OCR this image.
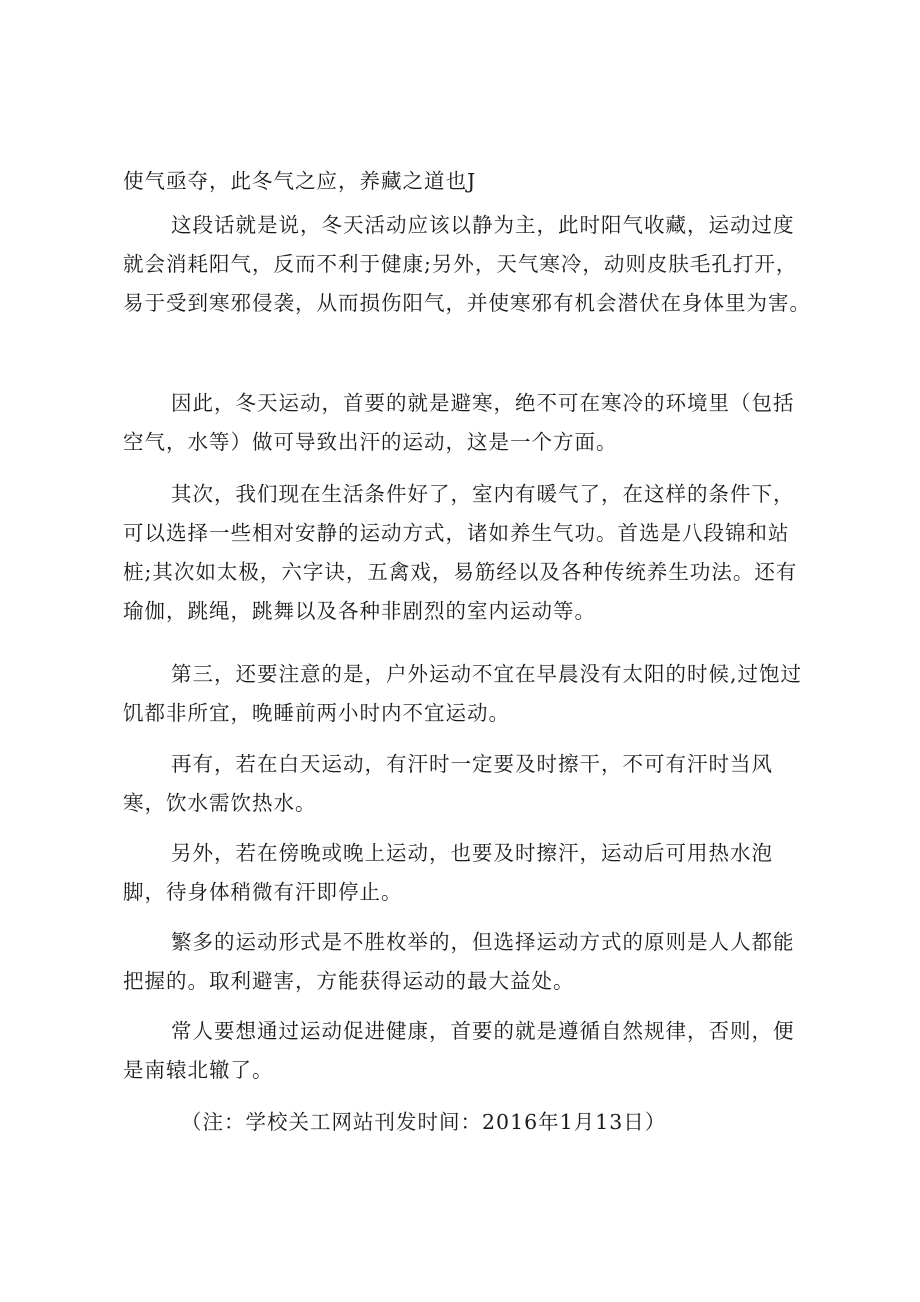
使气亟夺，此冬气之应，养藏之道也J

这段话就是说，冬天活动应该以静为主，此时阳气收藏，运动过度就会消耗阳气，反而不利于健康;另外，天气寒冷，动则皮肤毛孔打开，易于受到寒邪侵袭，从而损伤阳气，并使寒邪有机会潜伏在身体里为害。

因此，冬天运动，首要的就是避寒，绝不可在寒冷的环境里（包括空气，水等）做可导致出汗的运动，这是一个方面。

其次，我们现在生活条件好了，室内有暖气了，在这样的条件下，可以选择一些相对安静的运动方式，诸如养生气功。首选是八段锦和站桩;其次如太极，六字诀，五禽戏，易筋经以及各种传统养生功法。还有瑜伽，跳绳，跳舞以及各种非剧烈的室内运动等。

第三，还要注意的是，户外运动不宜在早晨没有太阳的时候,过饱过饥都非所宜，晚睡前两小时内不宜运动。

再有，若在白天运动，有汗时一定要及时擦干，不可有汗时当风寒，饮水需饮热水。

另外，若在傍晚或晚上运动，也要及时擦汗，运动后可用热水泡脚，待身体稍微有汗即停止。

繁多的运动形式是不胜枚举的，但选择运动方式的原则是人人都能把握的。取利避害，方能获得运动的最大益处。

常人要想通过运动促进健康，首要的就是遵循自然规律，否则，便是南辕北辙了。

（注：学校关工网站刊发时间：2016年1月13日）
